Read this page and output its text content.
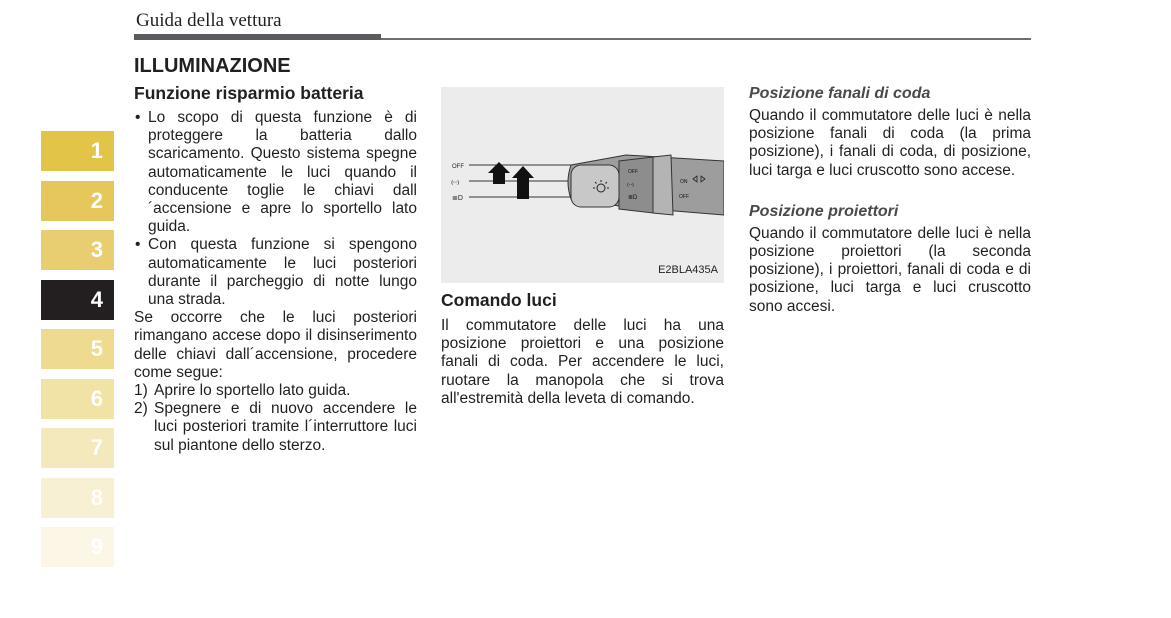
Guida della vettura
1
2
3
4
5
6
7
8
9
ILLUMINAZIONE
Funzione risparmio batteria
• Lo scopo di questa funzione è di proteggere la batteria dallo scaricamento. Questo sistema spegne automaticamente le luci quando il conducente toglie le chiavi dall´accensione e apre lo sportello lato guida.
• Con questa funzione si spengono automaticamente le luci posteriori durante il parcheggio di notte lungo una strada.

Se occorre che le luci posteriori rimangano accese dopo il disinserimento delle chiavi dall´accensione, procedere come segue:

1) Aprire lo sportello lato guida.
2) Spegnere e di nuovo accendere le luci posteriori tramite l´interruttore luci sul piantone dello sterzo.
OFF
⦅◦◦⦆
≣D
OFF
⦅◦◦⦆
≣D
ON
OFF
E2BLA435A
Comando luci

Il commutatore delle luci ha una posizione proiettori e una posizione fanali di coda. Per accendere le luci, ruotare la manopola che si trova all'estremità della leveta di comando.

Posizione fanali di coda

Quando il commutatore delle luci è nella posizione fanali di coda (la prima posizione), i fanali di coda, di posizione, luci targa e luci cruscotto sono accese.

Posizione proiettori

Quando il commutatore delle luci è nella posizione proiettori (la seconda posizione), i proiettori, fanali di coda e di posizione, luci targa e luci cruscotto sono accesi.
